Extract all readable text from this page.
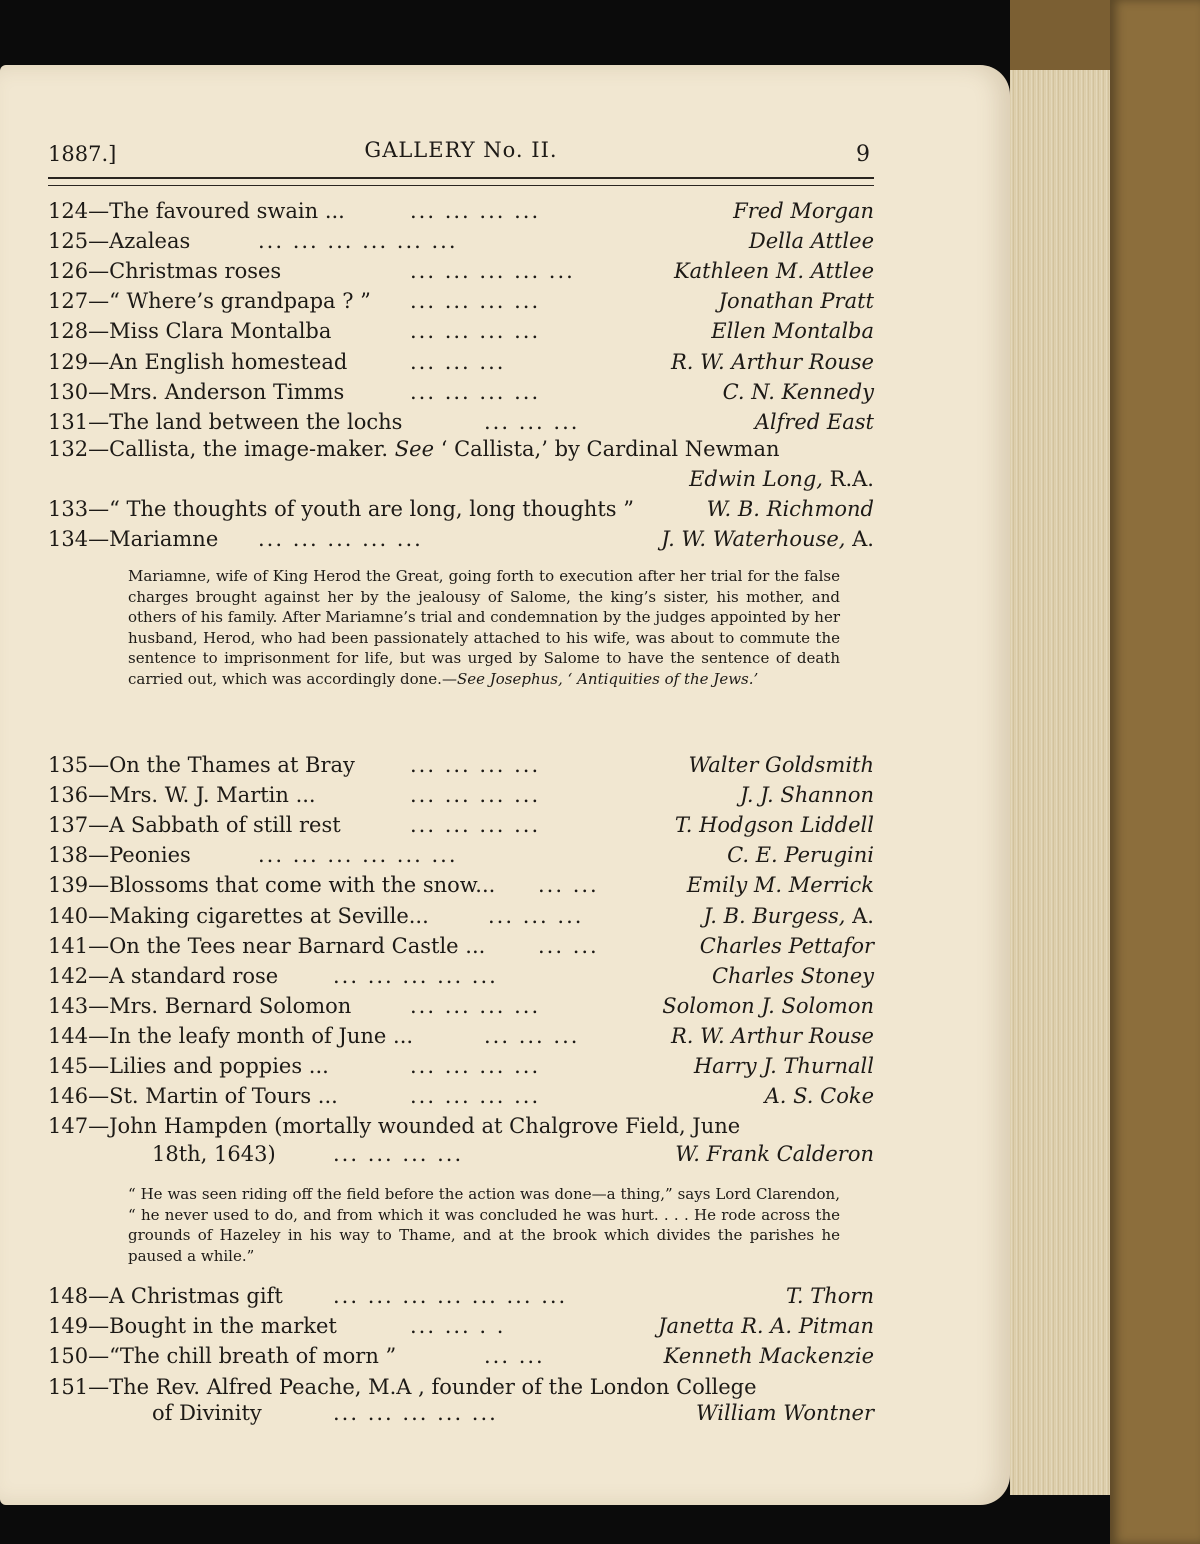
1887.]	GALLERY No. II.	9
124—The favoured swain ...	... ... ... ...	Fred Morgan
125—Azaleas	... ... ... ... ... ...	Della Attlee
126—Christmas roses	... ... ... ... ...	Kathleen M. Attlee
127—“ Where’s grandpapa ? ” ... ... ... ...	Jonathan Pratt
128—Miss Clara Montalba	... ... ... ...	Ellen Montalba
129—An English homestead	... ... ...	R. W. Arthur Rouse
130—Mrs. Anderson Timms	... ... ... ...	C. N. Kennedy
131—The land between the lochs	... ... ...	Alfred East
132—Callista, the image-maker. See ‘ Callista,’ by Cardinal Newman
Edwin Long, R.A.
133—“ The thoughts of youth are long, long thoughts ”	W. B. Richmond
134—Mariamne ... ... ... ... ...	J. W. Waterhouse, A.
Mariamne, wife of King Herod the Great, going forth to execution after her trial for the false charges brought against her by the jealousy of Salome, the king’s sister, his mother, and others of his family. After Mariamne’s trial and condemnation by the judges appointed by her husband, Herod, who had been passionately attached to his wife, was about to commute the sentence to imprisonment for life, but was urged by Salome to have the sentence of death carried out, which was accordingly done.—See Josephus, ‘ Antiquities of the Jews.’
135—On the Thames at Bray	... ... ... ...	Walter Goldsmith
136—Mrs. W. J. Martin ...	... ... ... ...	J. J. Shannon
137—A Sabbath of still rest	... ... ... ...	T. Hodgson Liddell
138—Peonies	... ... ... ... ... ...	C. E. Perugini
139—Blossoms that come with the snow... ... ...	Emily M. Merrick
140—Making cigarettes at Seville...	... ... ...	J. B. Burgess, A.
141—On the Tees near Barnard Castle ...	... ...	Charles Pettafor
142—A standard rose	... ... ... ... ...	Charles Stoney
143—Mrs. Bernard Solomon	... ... ... ...	Solomon J. Solomon
144—In the leafy month of June ...	... ... ...	R. W. Arthur Rouse
145—Lilies and poppies ...	... ... ... ...	Harry J. Thurnall
146—St. Martin of Tours ...	... ... ... ...	A. S. Coke
147—John Hampden (mortally wounded at Chalgrove Field, June
18th, 1643)	... ... ... ...	W. Frank Calderon
“ He was seen riding off the field before the action was done—a thing,” says Lord Clarendon, “ he never used to do, and from which it was concluded he was hurt. . . . He rode across the grounds of Hazeley in his way to Thame, and at the brook which divides the parishes he paused a while.”
148—A Christmas gift ... ... ... ... ... ... ...	T. Thorn
149—Bought in the market	... ... . .	Janetta R. A. Pitman
150—“The chill breath of morn ”	... ...	Kenneth Mackenzie
151—The Rev. Alfred Peache, M.A , founder of the London College
of Divinity	... ... ... ... ...	William Wontner
